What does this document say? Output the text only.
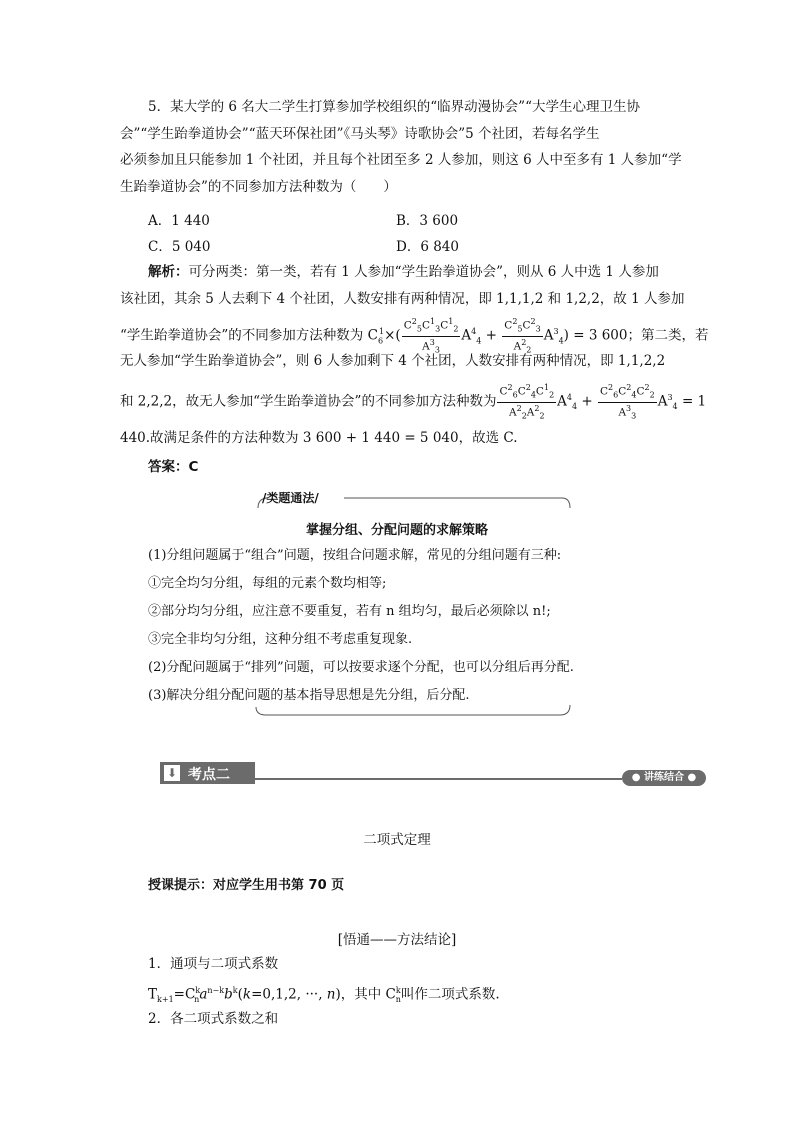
5．某大学的 6 名大二学生打算参加学校组织的“临界动漫协会”“大学生心理卫生协
会”“学生跆拳道协会”“蓝天环保社团”《马头琴》诗歌协会”5 个社团，若每名学生
必须参加且只能参加 1 个社团，并且每个社团至多 2 人参加，则这 6 人中至多有 1 人参加“学
生跆拳道协会”的不同参加方法种数为（　　）
A．1 440	B．3 600
C．5 040	D．6 840
解析：可分两类：第一类，若有 1 人参加“学生跆拳道协会”，则从 6 人中选 1 人参加
该社团，其余 5 人去剩下 4 个社团，人数安排有两种情况，即 1,1,1,2 和 1,2,2，故 1 人参加
“学生跆拳道协会”的不同参加方法种数为 $C_6^1\times( \frac{C^2_5C^1_3C^1_2}{A^3_3} A^4_4 + \frac{C^2_5C^2_3}{A^2_2} A^3_4) = 3$ 600；第二类，若
无人参加“学生跆拳道协会”，则 6 人参加剩下 4 个社团，人数安排有两种情况，即 1,1,2,2
和 2,2,2，故无人参加“学生跆拳道协会”的不同参加方法种数为 $\frac{C^2_6C^2_4C^1_2}{A^2_2A^2_2} A^4_4 + \frac{C^2_6C^2_4C^2_2}{A^3_3} A^3_4 = 1$
440.故满足条件的方法种数为 3 600 + 1 440 = 5 040，故选 C.
答案：C
/类题通法/
掌握分组、分配问题的求解策略
(1)分组问题属于“组合”问题，按组合问题求解，常见的分组问题有三种:
①完全均匀分组，每组的元素个数均相等;
②部分均匀分组，应注意不要重复，若有 n 组均匀，最后必须除以 n!;
③完全非均匀分组，这种分组不考虑重复现象.
(2)分配问题属于“排列”问题，可以按要求逐个分配，也可以分组后再分配.
(3)解决分组分配问题的基本指导思想是先分组，后分配.
⬇ 考点二	● 讲练结合 ●
二项式定理
授课提示：对应学生用书第 70 页
[悟通——方法结论]
1．通项与二项式系数
$T_{k+1}=C^k_na^{n-k}b^k(k=0,1,2$, ···, n)，其中 $C^k_n$叫作二项式系数.
2．各二项式系数之和
